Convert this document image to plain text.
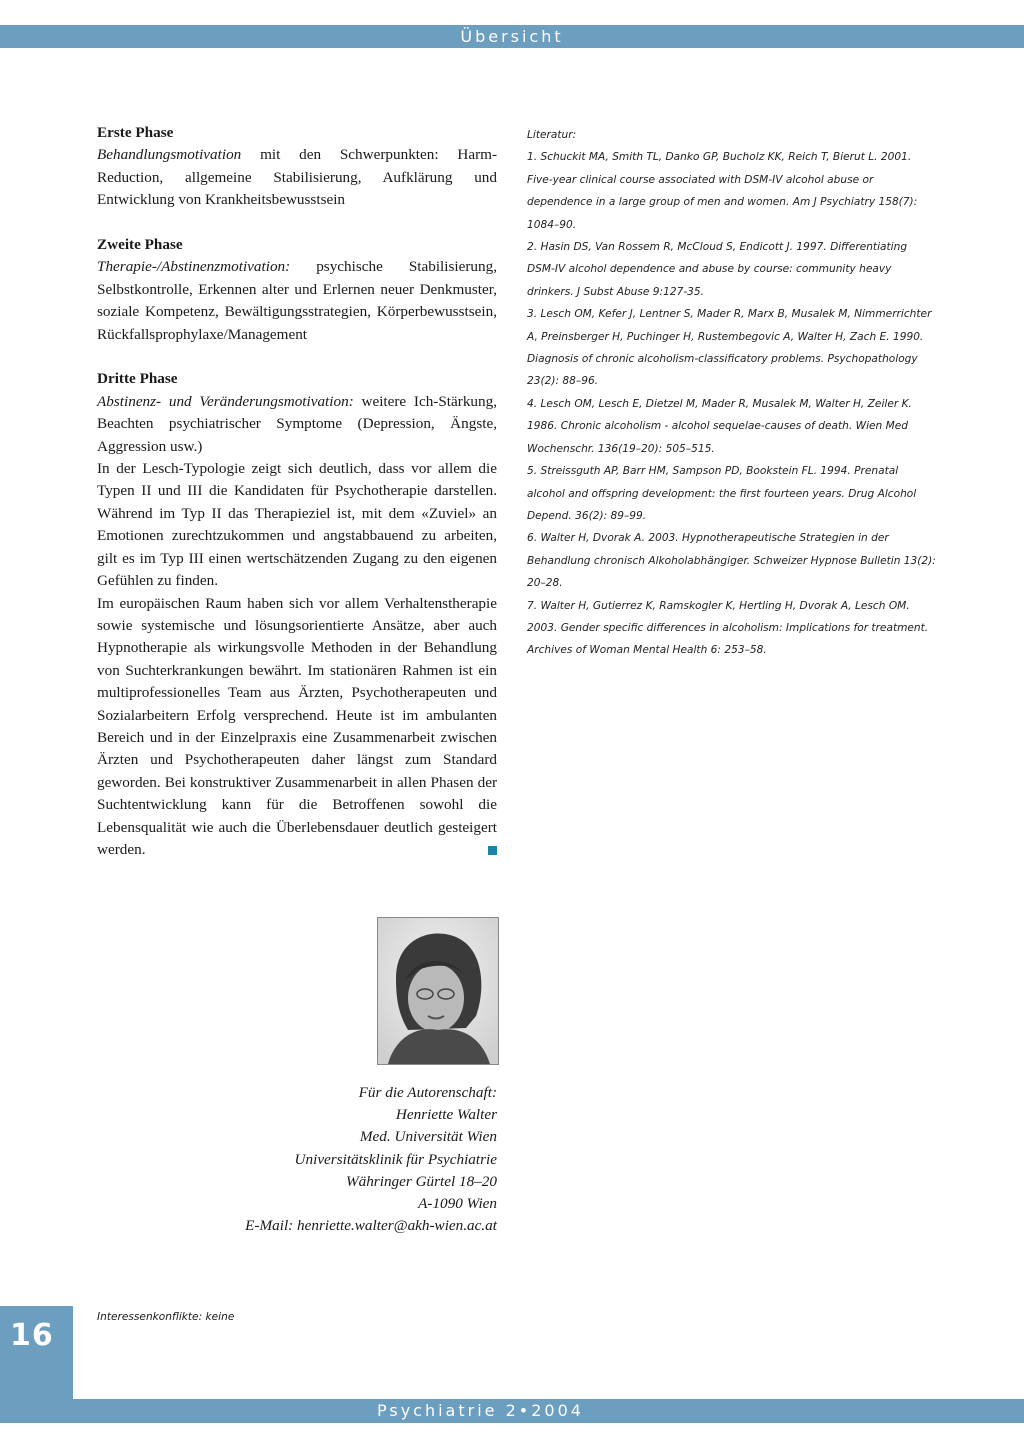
Übersicht
Erste Phase

Behandlungsmotivation mit den Schwerpunkten: Harm-Reduction, allgemeine Stabilisierung, Aufklärung und Entwicklung von Krankheitsbewusstsein

Zweite Phase

Therapie-/Abstinenzmotivation: psychische Stabilisierung, Selbstkontrolle, Erkennen alter und Erlernen neuer Denkmuster, soziale Kompetenz, Bewältigungsstrategien, Körperbewusstsein, Rückfallsprophylaxe/Management

Dritte Phase

Abstinenz- und Veränderungsmotivation: weitere Ich-Stärkung, Beachten psychiatrischer Symptome (Depression, Ängste, Aggression usw.)

In der Lesch-Typologie zeigt sich deutlich, dass vor allem die Typen II und III die Kandidaten für Psychotherapie darstellen. Während im Typ II das Therapieziel ist, mit dem «Zuviel» an Emotionen zurechtzukommen und angstabbauend zu arbeiten, gilt es im Typ III einen wertschätzenden Zugang zu den eigenen Gefühlen zu finden.

Im europäischen Raum haben sich vor allem Verhaltenstherapie sowie systemische und lösungsorientierte Ansätze, aber auch Hypnotherapie als wirkungsvolle Methoden in der Behandlung von Suchterkrankungen bewährt. Im stationären Rahmen ist ein multiprofessionelles Team aus Ärzten, Psychotherapeuten und Sozialarbeitern Erfolg versprechend. Heute ist im ambulanten Bereich und in der Einzelpraxis eine Zusammenarbeit zwischen Ärzten und Psychotherapeuten daher längst zum Standard geworden. Bei konstruktiver Zusammenarbeit in allen Phasen der Suchtentwicklung kann für die Betroffenen sowohl die Lebensqualität wie auch die Überlebensdauer deutlich gesteigert werden.

Literatur:
1. Schuckit MA, Smith TL, Danko GP, Bucholz KK, Reich T, Bierut L. 2001. Five-year clinical course associated with DSM-IV alcohol abuse or dependence in a large group of men and women. Am J Psychiatry 158(7): 1084–90.
2. Hasin DS, Van Rossem R, McCloud S, Endicott J. 1997. Differentiating DSM-IV alcohol dependence and abuse by course: community heavy drinkers. J Subst Abuse 9:127-35.
3. Lesch OM, Kefer J, Lentner S, Mader R, Marx B, Musalek M, Nimmerrichter A, Preinsberger H, Puchinger H, Rustembegovic A, Walter H, Zach E. 1990. Diagnosis of chronic alcoholism-classificatory problems. Psychopathology 23(2): 88–96.
4. Lesch OM, Lesch E, Dietzel M, Mader R, Musalek M, Walter H, Zeiler K. 1986. Chronic alcoholism - alcohol sequelae-causes of death. Wien Med Wochenschr. 136(19–20): 505–515.
5. Streissguth AP, Barr HM, Sampson PD, Bookstein FL. 1994. Prenatal alcohol and offspring development: the first fourteen years. Drug Alcohol Depend. 36(2): 89–99.
6. Walter H, Dvorak A. 2003. Hypnotherapeutische Strategien in der Behandlung chronisch Alkoholabhängiger. Schweizer Hypnose Bulletin 13(2): 20–28.
7. Walter H, Gutierrez K, Ramskogler K, Hertling H, Dvorak A, Lesch OM. 2003. Gender specific differences in alcoholism: Implications for treatment. Archives of Woman Mental Health 6: 253–58.
Für die Autorenschaft:
Henriette Walter
Med. Universität Wien
Universitätsklinik für Psychiatrie
Währinger Gürtel 18–20
A-1090 Wien
E-Mail: henriette.walter@akh-wien.ac.at
Interessenkonflikte: keine
16
Psychiatrie 2•2004
